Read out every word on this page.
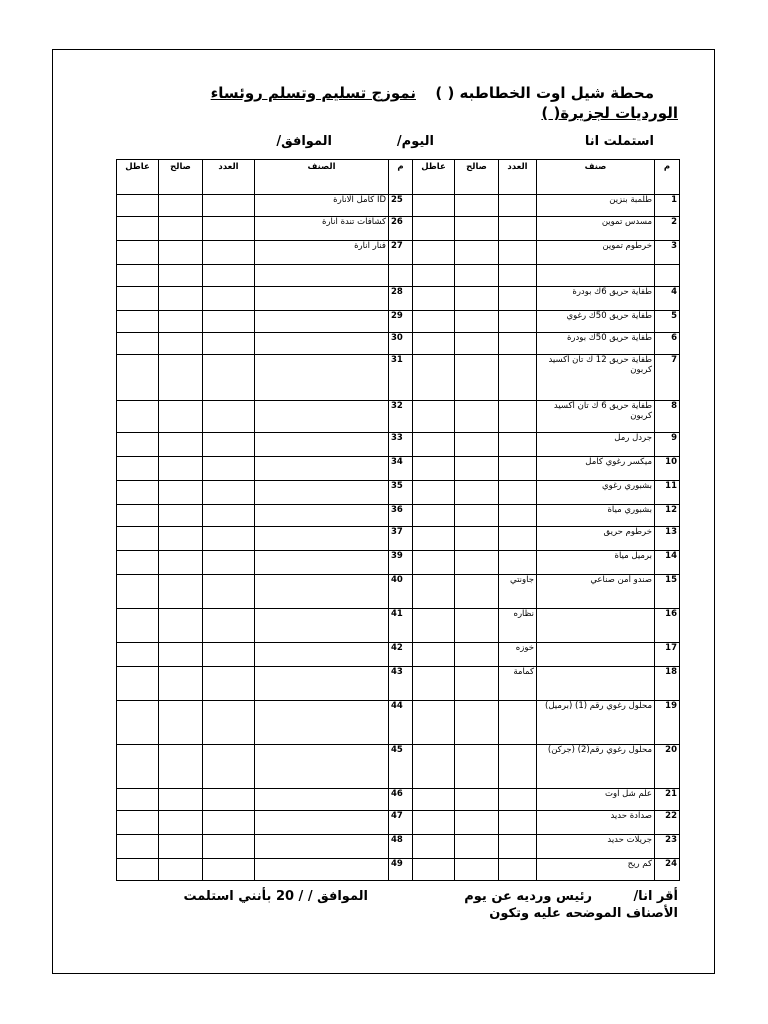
محطة شيل اوت الخطاطبه ( )
نموزج تسليم وتسلم روئساء
الورديات لجزيرة( )
استملت انا
اليوم/
الموافق/
عاطل	صالح	العدد	الصنف	م	عاطل	صالح	العدد	صنف	م
			ID كامل الانارة	25				طلمبة بنزين	1
			كشافات تندة انارة	26				مسدس تموين	2
			فنار انارة	27				خرطوم تموين	3

				28				طفاية حريق 6ك بودرة	4
				29				طفاية حريق 50ك رغوي	5
				30				طفاية حريق 50ك بودرة	6
				31				طفاية حريق 12 ك تان أكسيد كربون	7
				32				طفاية حريق 6 ك تان أكسيد كربون	8
				33				جردل رمل	9
				34				ميكسر رغوي كامل	10
				35				بشبوري رغوي	11
				36				بشبوري مياة	12
				37				خرطوم حريق	13
				39				برميل مياة	14
				40			جاونتي	صندو أمن صناعي	15
				41			نظاره		16
				42			خوزه		17
				43			كمامة		18
				44				محلول رغوي رقم (1) (برميل)	19
				45				محلول رغوي رقم(2) (جركن)	20
				46				علم شل اوت	21
				47				صدادة حديد	22
				48				جريلات حديد	23
				49				كم ريح	24
أقر انا/
رئيس ورديه عن يوم
الموافق / / 20 بأنني استلمت
الأصناف الموضحه عليه وتكون
